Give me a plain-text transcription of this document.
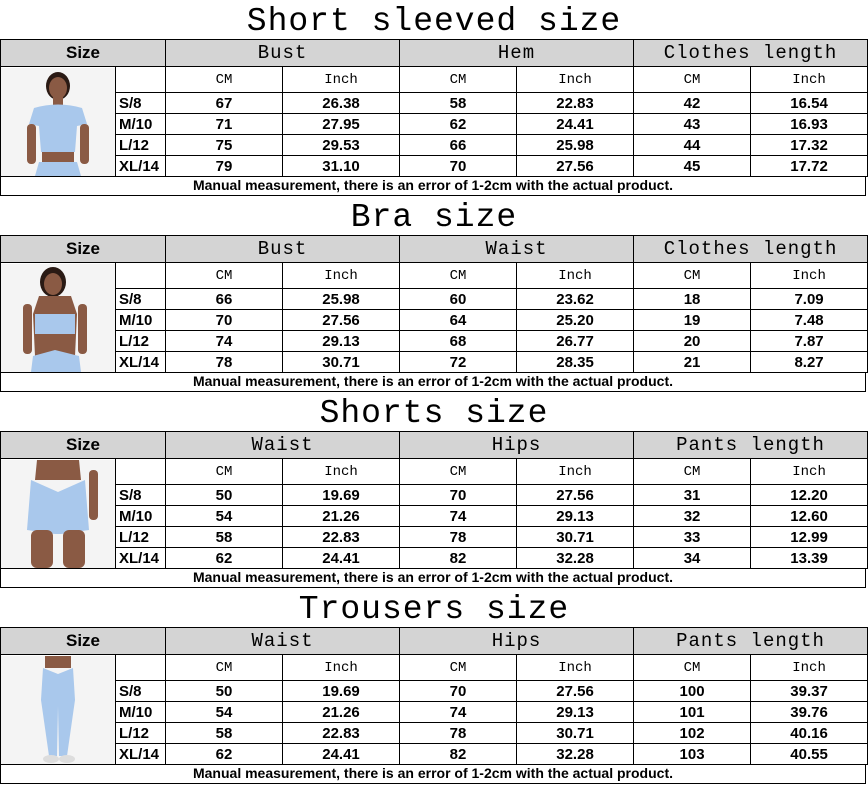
Short sleeved size
Size		Bust		Hem		Clothes length	

		CM	Inch	CM	Inch	CM	Inch
	S/8	67	26.38	58	22.83	42	16.54
	M/10	71	27.95	62	24.41	43	16.93
	L/12	75	29.53	66	25.98	44	17.32
	XL/14	79	31.10	70	27.56	45	17.72
Manual measurement, there is an error of 1-2cm with the actual product.
Bra size
Size		Bust		Waist		Clothes length	

		CM	Inch	CM	Inch	CM	Inch
	S/8	66	25.98	60	23.62	18	7.09
	M/10	70	27.56	64	25.20	19	7.48
	L/12	74	29.13	68	26.77	20	7.87
	XL/14	78	30.71	72	28.35	21	8.27
Manual measurement, there is an error of 1-2cm with the actual product.
Shorts size
Size		Waist		Hips		Pants length	

		CM	Inch	CM	Inch	CM	Inch
	S/8	50	19.69	70	27.56	31	12.20
	M/10	54	21.26	74	29.13	32	12.60
	L/12	58	22.83	78	30.71	33	12.99
	XL/14	62	24.41	82	32.28	34	13.39
Manual measurement, there is an error of 1-2cm with the actual product.
Trousers size
Size		Waist		Hips		Pants length	

		CM	Inch	CM	Inch	CM	Inch
	S/8	50	19.69	70	27.56	100	39.37
	M/10	54	21.26	74	29.13	101	39.76
	L/12	58	22.83	78	30.71	102	40.16
	XL/14	62	24.41	82	32.28	103	40.55
Manual measurement, there is an error of 1-2cm with the actual product.
